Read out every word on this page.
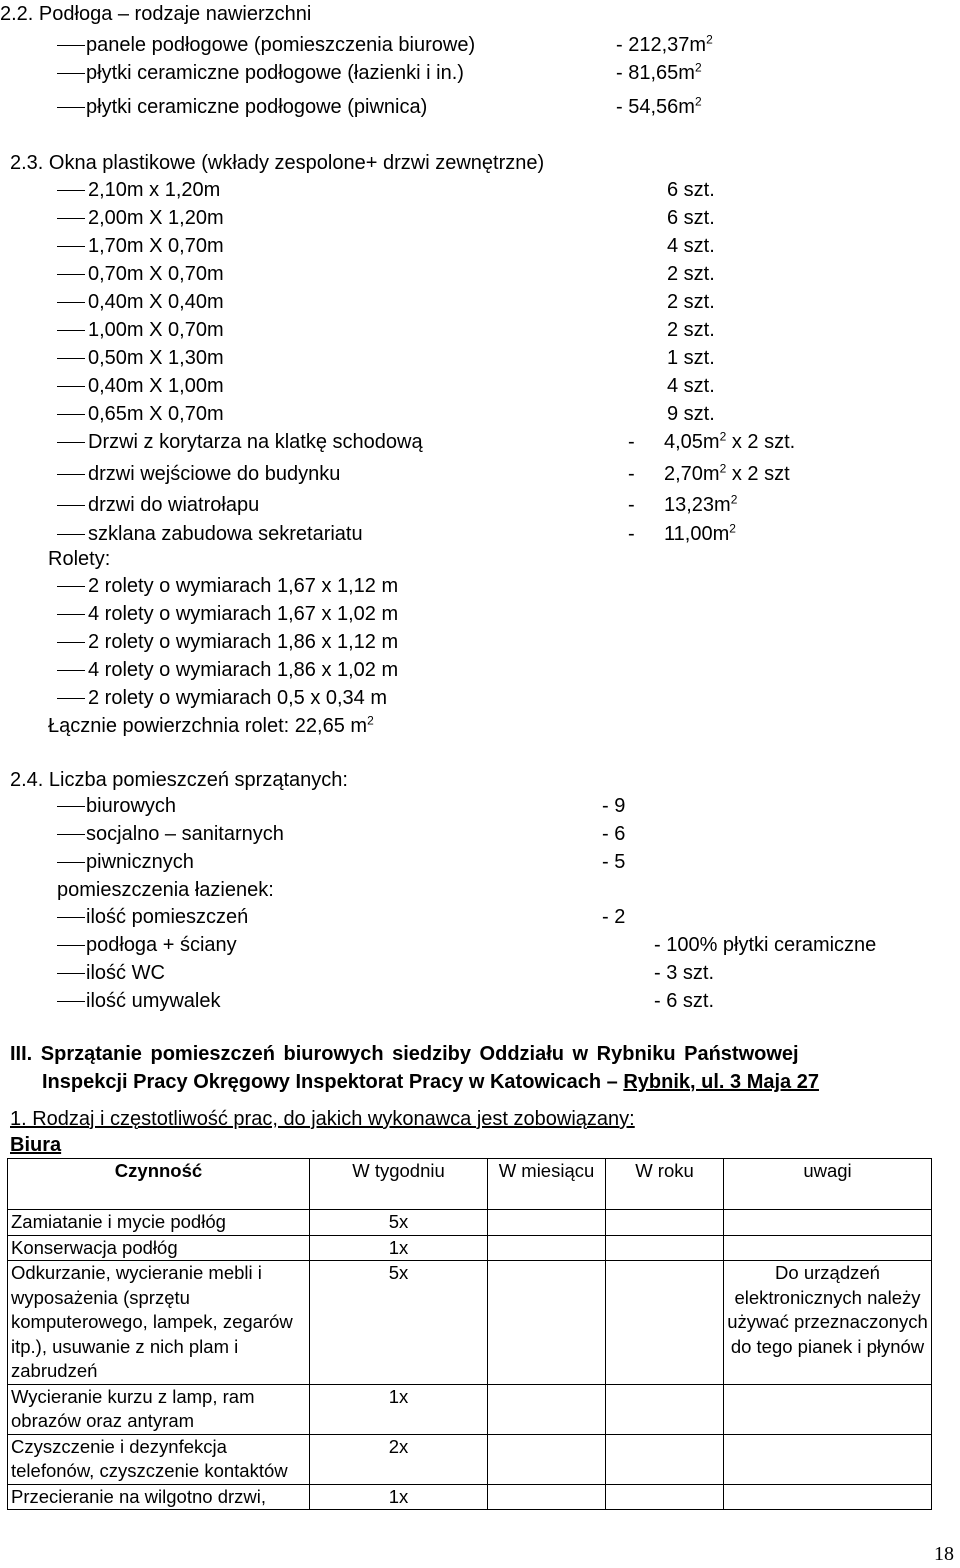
2.2. Podłoga – rodzaje nawierzchni
panele podłogowe (pomieszczenia biurowe)	- $212,37m^2$
płytki ceramiczne podłogowe (łazienki i in.)	- $81,65m^2$
płytki ceramiczne podłogowe (piwnica)	- $54,56m^2$
2.3. Okna plastikowe (wkłady zespolone+ drzwi zewnętrzne)
2,10m x 1,20m	6 szt.
2,00m X 1,20m	6 szt.
1,70m X 0,70m	4 szt.
0,70m X 0,70m	2 szt.
0,40m X 0,40m	2 szt.
1,00m X 0,70m	2 szt.
0,50m X 1,30m	1 szt.
0,40m X 1,00m	4 szt.
0,65m X 0,70m	9 szt.
Drzwi z korytarza na klatkę schodową	- $4,05m^2$ x 2 szt.
drzwi wejściowe do budynku	- $2,70m^2$ x 2 szt
drzwi do wiatrołapu	- $13,23m^2$
szklana zabudowa sekretariatu	- $11,00m^2$
Rolety:
2 rolety o wymiarach 1,67 x 1,12 m
4 rolety o wymiarach 1,67 x 1,02 m
2 rolety o wymiarach 1,86 x 1,12 m
4 rolety o wymiarach 1,86 x 1,02 m
2 rolety o wymiarach 0,5 x 0,34 m
Łącznie powierzchnia rolet: 22,65 $m^2$
2.4. Liczba pomieszczeń sprzątanych:
biurowych	- 9
socjalno – sanitarnych	- 6
piwnicznych	- 5
pomieszczenia łazienek:
ilość pomieszczeń	- 2
podłoga + ściany	- 100% płytki ceramiczne
ilość WC	- 3 szt.
ilość umywalek	- 6 szt.
III. Sprzątanie pomieszczeń biurowych siedziby Oddziału w Rybniku Państwowej
Inspekcji Pracy Okręgowy Inspektorat Pracy w Katowicach – Rybnik, ul. 3 Maja 27
1. Rodzaj i częstotliwość prac, do jakich wykonawca jest zobowiązany:
Biura
Czynność	W tygodniu	W miesiącu	W roku	uwagi
Zamiatanie i mycie podłóg	5x			
Konserwacja podłóg	1x			
Odkurzanie, wycieranie mebli i wyposażenia (sprzętu komputerowego, lampek, zegarów itp.), usuwanie z nich plam i zabrudzeń	5x			Do urządzeń elektronicznych należy używać przeznaczonych do tego pianek i płynów
Wycieranie kurzu z lamp, ram obrazów oraz antyram	1x			
Czyszczenie i dezynfekcja telefonów, czyszczenie kontaktów	2x			
Przecieranie na wilgotno drzwi,	1x			
18
